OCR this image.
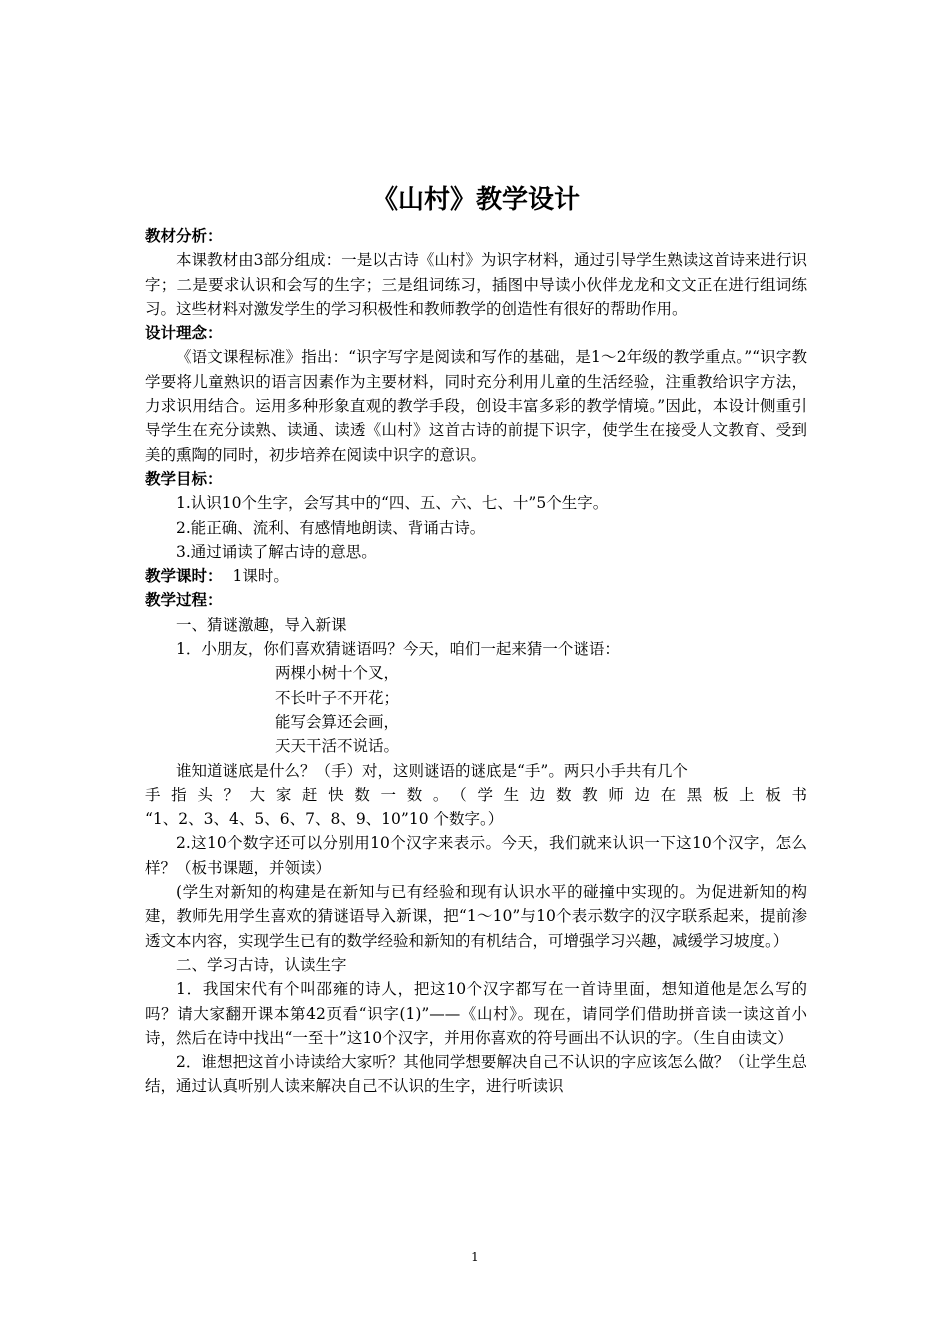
《山村》教学设计

教材分析：

本课教材由3部分组成：一是以古诗《山村》为识字材料，通过引导学生熟读这首诗来进行识字；二是要求认识和会写的生字；三是组词练习，插图中导读小伙伴龙龙和文文正在进行组词练习。这些材料对激发学生的学习积极性和教师教学的创造性有很好的帮助作用。

设计理念：

《语文课程标准》指出：“识字写字是阅读和写作的基础，是1～2年级的教学重点。”“识字教学要将儿童熟识的语言因素作为主要材料，同时充分利用儿童的生活经验，注重教给识字方法，力求识用结合。运用多种形象直观的教学手段，创设丰富多彩的教学情境。”因此，本设计侧重引导学生在充分读熟、读通、读透《山村》这首古诗的前提下识字，使学生在接受人文教育、受到美的熏陶的同时，初步培养在阅读中识字的意识。

教学目标：

1.认识10个生字，会写其中的“四、五、六、七、十”5个生字。

2.能正确、流利、有感情地朗读、背诵古诗。

3.通过诵读了解古诗的意思。

教学课时： 1课时。

教学过程：

一、猜谜激趣，导入新课

1．小朋友，你们喜欢猜谜语吗？今天，咱们一起来猜一个谜语：

两棵小树十个叉，

不长叶子不开花；

能写会算还会画，

天天干活不说话。

谁知道谜底是什么？（手）对，这则谜语的谜底是“手”。两只小手共有几个

手指头？大家赶快数一数。（学生边数教师边在黑板上板书

“1、2、3、4、5、6、7、8、9、10”10 个数字。）

2.这10个数字还可以分别用10个汉字来表示。今天，我们就来认识一下这10个汉字，怎么样？（板书课题，并领读）

(学生对新知的构建是在新知与已有经验和现有认识水平的碰撞中实现的。为促进新知的构建，教师先用学生喜欢的猜谜语导入新课，把“1～10”与10个表示数字的汉字联系起来，提前渗透文本内容，实现学生已有的数学经验和新知的有机结合，可增强学习兴趣，减缓学习坡度。）

二、学习古诗，认读生字

1．我国宋代有个叫邵雍的诗人，把这10个汉字都写在一首诗里面，想知道他是怎么写的吗？请大家翻开课本第42页看“识字(1)”——《山村》。现在，请同学们借助拼音读一读这首小诗，然后在诗中找出“一至十”这10个汉字，并用你喜欢的符号画出不认识的字。（生自由读文）

2．谁想把这首小诗读给大家听？其他同学想要解决自己不认识的字应该怎么做？（让学生总结，通过认真听别人读来解决自己不认识的生字，进行听读识

1
